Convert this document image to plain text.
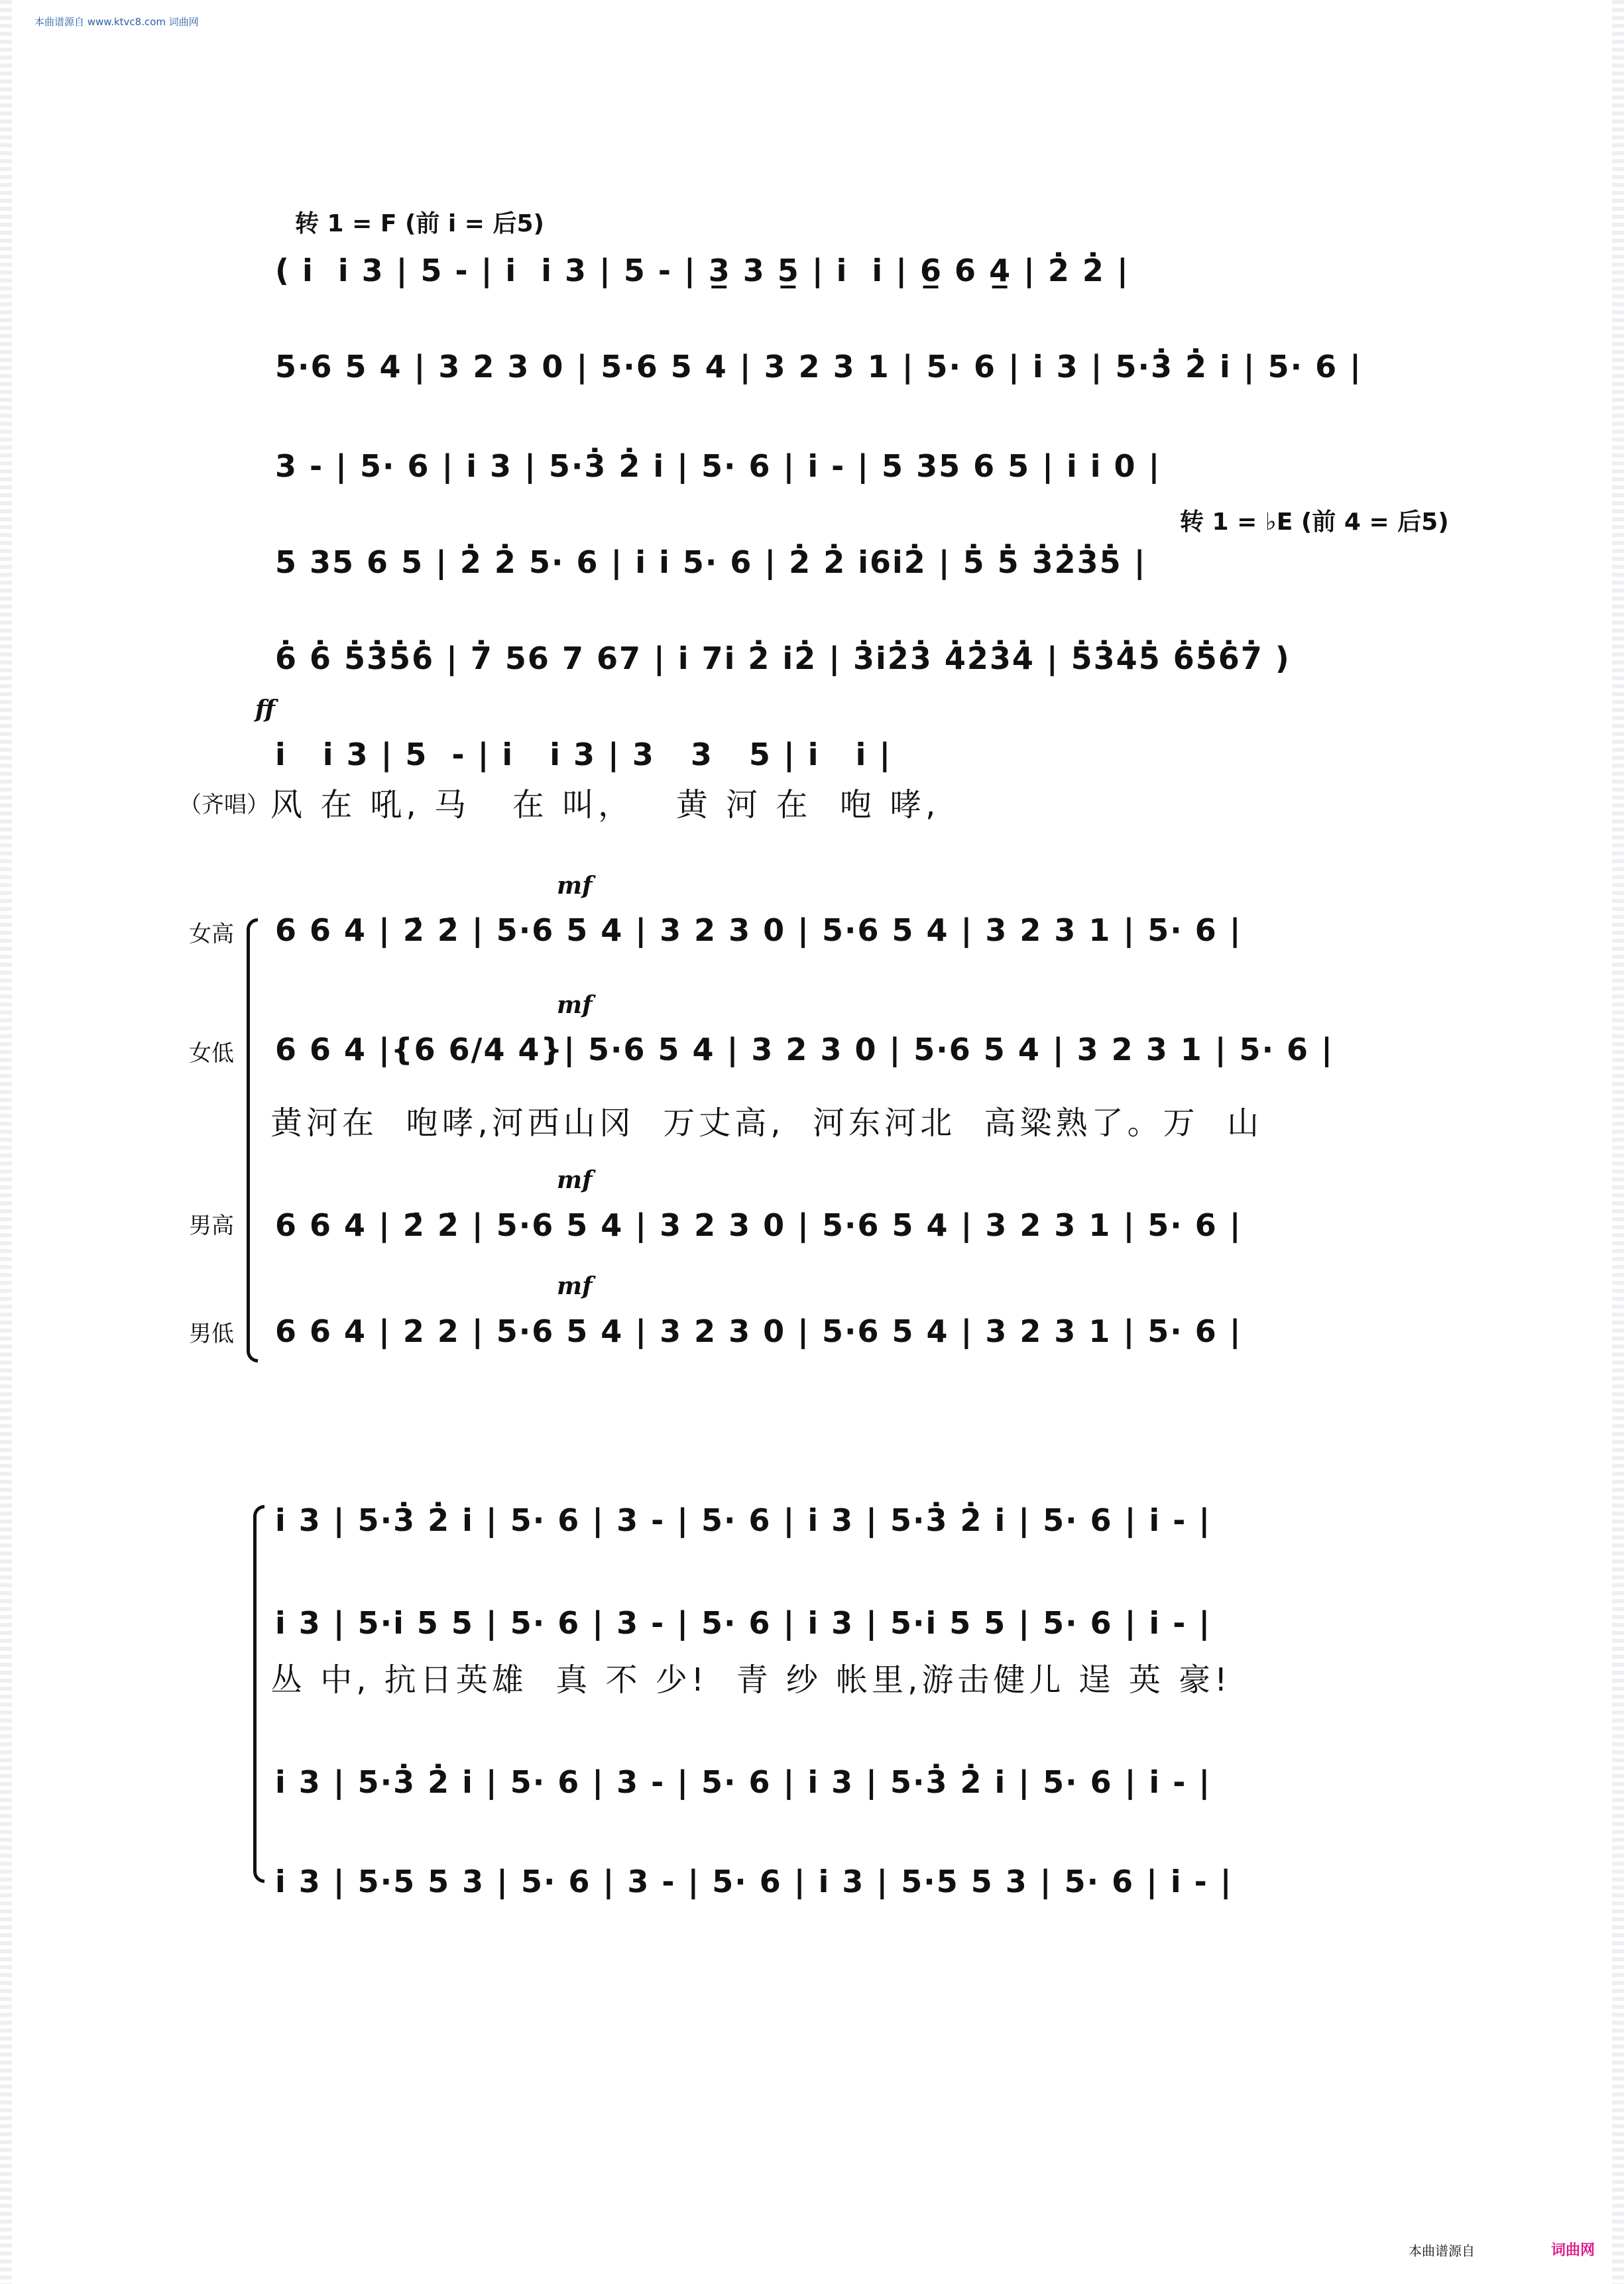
本曲谱源自 www.ktvc8.com 词曲网
转 1 = F (前 i̇ = 后5)
( i̇  i̇ 3 | 5 - | i̇  i̇ 3 | 5 - | 3̲ 3 5̲ | i̇  i̇ | 6̲ 6 4̲ | 2̇ 2̇ |
5·6 5 4 | 3 2 3 0 | 5·6 5 4 | 3 2 3 1 | 5· 6 | i̇ 3 | 5·3̇ 2̇ i̇ | 5· 6 |
3 - | 5· 6 | i̇ 3 | 5·3̇ 2̇ i̇ | 5· 6 | i̇ - | 5 35 6 5 | i̇ i̇ 0 |
转 1 = ♭E (前 4 = 后5)
5 35 6 5 | 2̇ 2̇ 5· 6 | i̇ i̇ 5· 6 | 2̇ 2̇ i̇6i̇2̇ | 5̇ 5̇ 3̇2̇3̇5̇ |
6̇ 6̇ 5̇3̇5̇6̇ | 7̇ 56 7 67 | i̇ 7i̇ 2̇ i̇2̇ | 3̇i̇2̇3̇ 4̇2̇3̇4̇ | 5̇3̇4̇5̇ 6̇5̇6̇7̇ )
ff
i̇   i̇ 3 | 5  - | i̇   i̇ 3 | 3   3   5 | i̇   i̇ |
（齐唱） 风 在 吼, 马   在 叫，   黄 河 在  咆 哮,
女高
mf
6 6 4 | 2̇ 2̇ | 5·6 5 4 | 3 2 3 0 | 5·6 5 4 | 3 2 3 1 | 5· 6 |
女低
mf
6 6 4 |{6 6/4 4}| 5·6 5 4 | 3 2 3 0 | 5·6 5 4 | 3 2 3 1 | 5· 6 |
黄河在  咆哮,河西山冈  万丈高,  河东河北  高粱熟了。万  山
男高
mf
6 6 4 | 2̇ 2̇ | 5·6 5 4 | 3 2 3 0 | 5·6 5 4 | 3 2 3 1 | 5· 6 |
男低
mf
6 6 4 | 2 2 | 5·6 5 4 | 3 2 3 0 | 5·6 5 4 | 3 2 3 1 | 5· 6 |
i̇ 3 | 5·3̇ 2̇ i̇ | 5· 6 | 3 - | 5· 6 | i̇ 3 | 5·3̇ 2̇ i̇ | 5· 6 | i̇ - |
i̇ 3 | 5·i̇ 5 5 | 5· 6 | 3 - | 5· 6 | i̇ 3 | 5·i̇ 5 5 | 5· 6 | i̇ - |
丛 中, 抗日英雄  真 不 少!  青 纱 帐里,游击健儿 逞 英 豪!
i̇ 3 | 5·3̇ 2̇ i̇ | 5· 6 | 3 - | 5· 6 | i̇ 3 | 5·3̇ 2̇ i̇ | 5· 6 | i̇ - |
i̇ 3 | 5·5 5 3 | 5· 6 | 3 - | 5· 6 | i̇ 3 | 5·5 5 3 | 5· 6 | i̇ - |
本曲谱源自	词曲网
